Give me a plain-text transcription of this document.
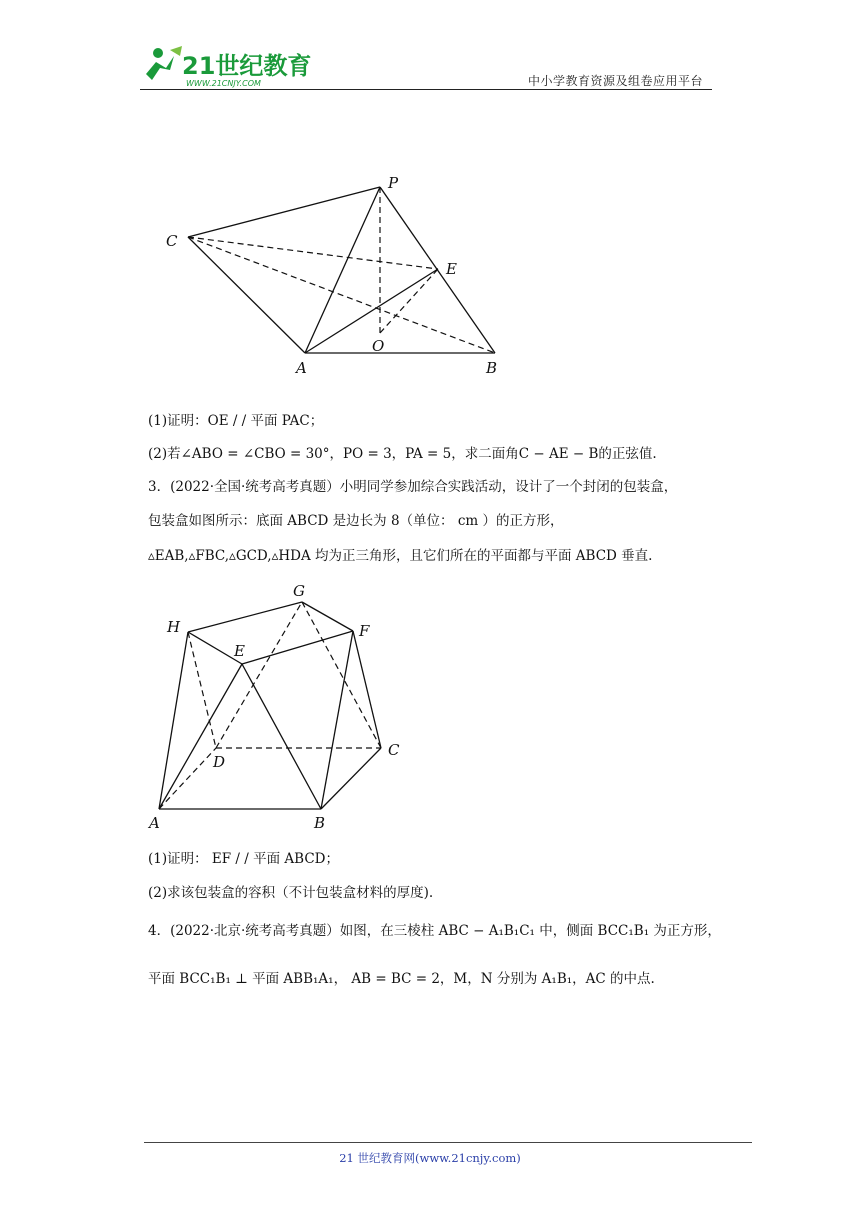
21世纪教育
WWW.21CNJY.COM	中小学教育资源及组卷应用平台
P
C
E
O
A	B
(1)证明：OE / / 平面 PAC；
(2)若∠ABO = ∠CBO = 30°，PO = 3，PA = 5，求二面角C − AE − B的正弦值.
3．(2022·全国·统考高考真题）小明同学参加综合实践活动，设计了一个封闭的包装盒，
包装盒如图所示：底面 ABCD 是边长为 8（单位： cm ）的正方形，
▵EAB,▵FBC,▵GCD,▵HDA 均为正三角形，且它们所在的平面都与平面 ABCD 垂直.
G
H	F
E
D
C
A	B
(1)证明： EF / / 平面 ABCD；
(2)求该包装盒的容积（不计包装盒材料的厚度).
4．(2022·北京·统考高考真题）如图，在三棱柱 ABC − A₁B₁C₁ 中，侧面 BCC₁B₁ 为正方形，
平面 BCC₁B₁ ⊥ 平面 ABB₁A₁， AB = BC = 2，M，N 分别为 A₁B₁，AC 的中点.
21 世纪教育网(www.21cnjy.com)
